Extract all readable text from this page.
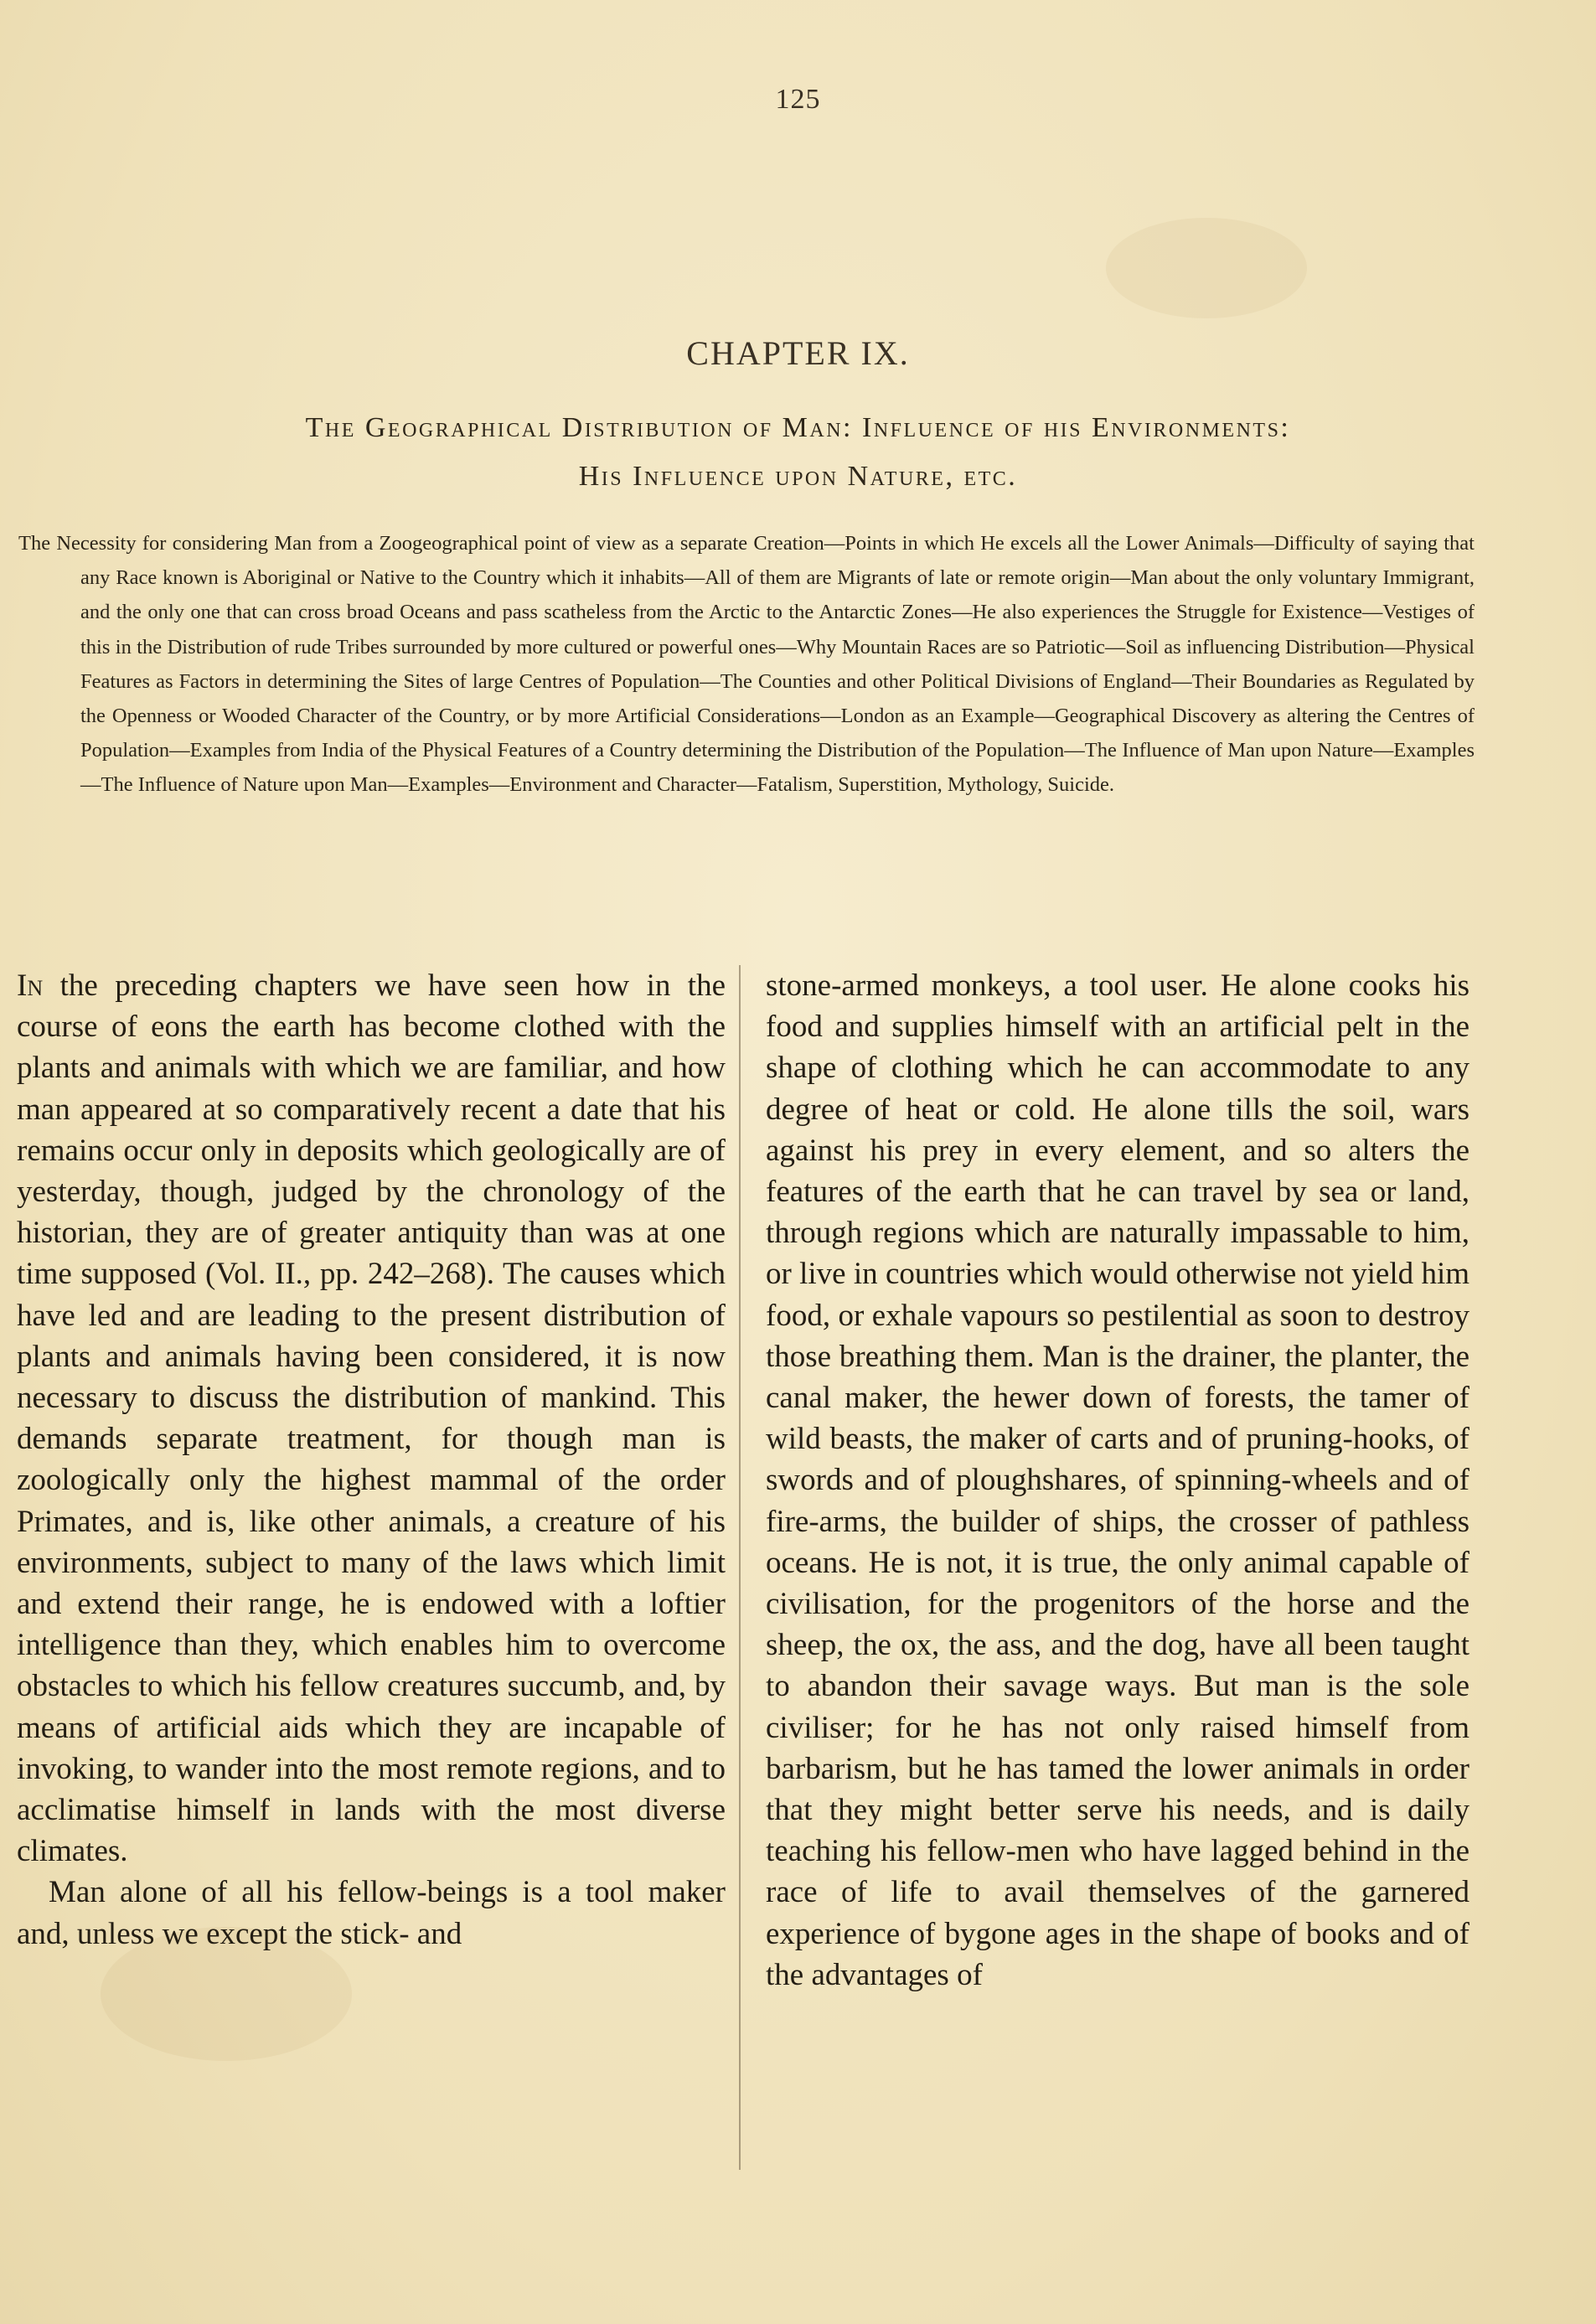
125
CHAPTER IX.
The Geographical Distribution of Man: Influence of his Environments:
His Influence upon Nature, etc.

The Necessity for considering Man from a Zoogeographical point of view as a separate Creation—Points in which He excels all the Lower Animals—Difficulty of saying that any Race known is Aboriginal or Native to the Country which it inhabits—All of them are Migrants of late or remote origin—Man about the only voluntary Immigrant, and the only one that can cross broad Oceans and pass scatheless from the Arctic to the Antarctic Zones—He also experiences the Struggle for Existence—Vestiges of this in the Distribution of rude Tribes surrounded by more cultured or powerful ones—Why Mountain Races are so Patriotic—Soil as influencing Distribution—Physical Features as Factors in determining the Sites of large Centres of Population—The Counties and other Political Divisions of England—Their Boundaries as Regulated by the Openness or Wooded Character of the Country, or by more Artificial Considerations—London as an Example—Geographical Discovery as altering the Centres of Population—Examples from India of the Physical Features of a Country determining the Distribution of the Population—The Influence of Man upon Nature—Examples—The Influence of Nature upon Man—Examples—Environment and Character—Fatalism, Superstition, Mythology, Suicide.

In the preceding chapters we have seen how in the course of eons the earth has become clothed with the plants and animals with which we are familiar, and how man appeared at so comparatively recent a date that his remains occur only in deposits which geologically are of yesterday, though, judged by the chronology of the historian, they are of greater antiquity than was at one time supposed (Vol. II., pp. 242–268). The causes which have led and are leading to the present distribution of plants and animals having been considered, it is now necessary to discuss the distribution of mankind. This demands separate treatment, for though man is zoologically only the highest mammal of the order Primates, and is, like other animals, a creature of his environments, subject to many of the laws which limit and extend their range, he is endowed with a loftier intelligence than they, which enables him to overcome obstacles to which his fellow creatures succumb, and, by means of artificial aids which they are incapable of invoking, to wander into the most remote regions, and to acclimatise himself in lands with the most diverse climates.

Man alone of all his fellow-beings is a tool maker and, unless we except the stick- and

stone-armed monkeys, a tool user. He alone cooks his food and supplies himself with an artificial pelt in the shape of clothing which he can accommodate to any degree of heat or cold. He alone tills the soil, wars against his prey in every element, and so alters the features of the earth that he can travel by sea or land, through regions which are naturally impassable to him, or live in countries which would otherwise not yield him food, or exhale vapours so pestilential as soon to destroy those breathing them. Man is the drainer, the planter, the canal maker, the hewer down of forests, the tamer of wild beasts, the maker of carts and of pruning-hooks, of swords and of ploughshares, of spinning-wheels and of fire-arms, the builder of ships, the crosser of pathless oceans. He is not, it is true, the only animal capable of civilisation, for the progenitors of the horse and the sheep, the ox, the ass, and the dog, have all been taught to abandon their savage ways. But man is the sole civiliser; for he has not only raised himself from barbarism, but he has tamed the lower animals in order that they might better serve his needs, and is daily teaching his fellow-men who have lagged behind in the race of life to avail themselves of the garnered experience of bygone ages in the shape of books and of the advantages of
